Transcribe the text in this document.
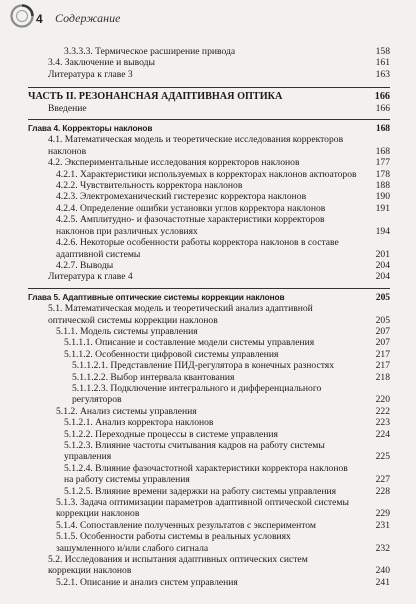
4 Содержание
3.3.3.3. Термическое расширение привода	158
3.4. Заключение и выводы	161
Литература к главе 3	163
ЧАСТЬ II. РЕЗОНАНСНАЯ АДАПТИВНАЯ ОПТИКА	166
Введение	166
Глава 4. Корректоры наклонов	168
4.1. Математическая модель и теоретические исследования корректоров наклонов	168
4.2. Экспериментальные исследования корректоров наклонов	177
4.2.1. Характеристики используемых в корректорах наклонов актюаторов	178
4.2.2. Чувствительность корректора наклонов	188
4.2.3. Электромеханический гистерезис корректора наклонов	190
4.2.4. Определение ошибки установки углов корректора наклонов	191
4.2.5. Амплитудно- и фазочастотные характеристики корректоров наклонов при различных условиях	194
4.2.6. Некоторые особенности работы корректора наклонов в составе адаптивной системы	201
4.2.7. Выводы	204
Литература к главе 4	204
Глава 5. Адаптивные оптические системы коррекции наклонов	205
5.1. Математическая модель и теоретический анализ адаптивной оптической системы коррекции наклонов	205
5.1.1. Модель системы управления	207
5.1.1.1. Описание и составление модели системы управления	207
5.1.1.2. Особенности цифровой системы управления	217
5.1.1.2.1. Представление ПИД-регулятора в конечных разностях	217
5.1.1.2.2. Выбор интервала квантования	218
5.1.1.2.3. Подключение интегрального и дифференциального регуляторов	220
5.1.2. Анализ системы управления	222
5.1.2.1. Анализ корректора наклонов	223
5.1.2.2. Переходные процессы в системе управления	224
5.1.2.3. Влияние частоты считывания кадров на работу системы управления	225
5.1.2.4. Влияние фазочастотной характеристики корректора наклонов на работу системы управления	227
5.1.2.5. Влияние времени задержки на работу системы управления	228
5.1.3. Задача оптимизации параметров адаптивной оптической системы коррекции наклонов	229
5.1.4. Сопоставление полученных результатов с экспериментом	231
5.1.5. Особенности работы системы в реальных условиях зашумленного и/или слабого сигнала	232
5.2. Исследования и испытания адаптивных оптических систем коррекции наклонов	240
5.2.1. Описание и анализ систем управления	241
